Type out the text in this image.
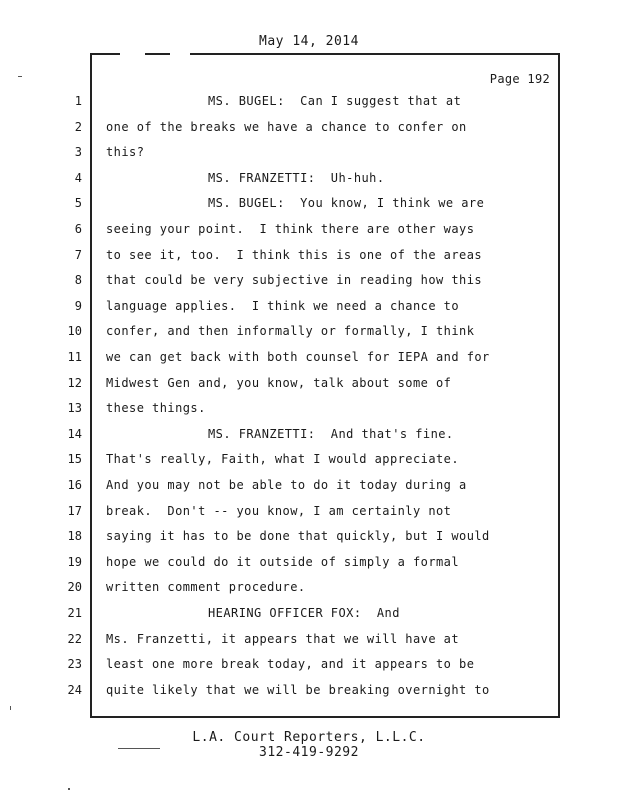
May 14, 2014
Page 192
1	MS. BUGEL:  Can I suggest that at
2 one of the breaks we have a chance to confer on
3 this?
4	MS. FRANZETTI:  Uh-huh.
5	MS. BUGEL:  You know, I think we are
6 seeing your point.  I think there are other ways
7 to see it, too.  I think this is one of the areas
8 that could be very subjective in reading how this
9 language applies.  I think we need a chance to
10 confer, and then informally or formally, I think
11 we can get back with both counsel for IEPA and for
12 Midwest Gen and, you know, talk about some of
13 these things.
14	MS. FRANZETTI:  And that's fine.
15 That's really, Faith, what I would appreciate.
16 And you may not be able to do it today during a
17 break.  Don't -- you know, I am certainly not
18 saying it has to be done that quickly, but I would
19 hope we could do it outside of simply a formal
20 written comment procedure.
21	HEARING OFFICER FOX:  And
22 Ms. Franzetti, it appears that we will have at
23 least one more break today, and it appears to be
24 quite likely that we will be breaking overnight to
L.A. Court Reporters, L.L.C.
312-419-9292
